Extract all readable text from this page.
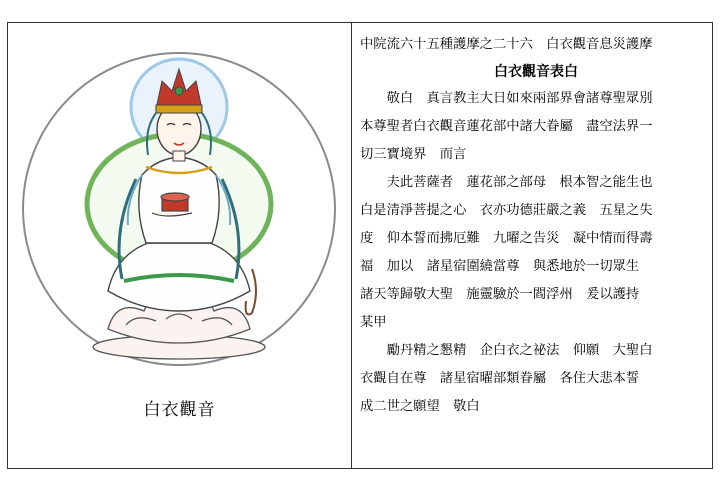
白衣觀音
中院流六十五種護摩之二十六　白衣觀音息災護摩
白衣觀音表白
　　敬白　真言教主大日如來兩部界會諸尊聖眾別
本尊聖者白衣觀音蓮花部中諸大眷屬　盡空法界一
切三寶境界　而言
　　夫此菩薩者　蓮花部之部母　根本智之能生也
白是清淨菩提之心　衣亦功德莊嚴之義　五星之失
度　仰本誓而拂厄難　九曜之告災　凝中情而得壽
福　加以　諸星宿圍繞當尊　與悉地於一切眾生
諸天等歸敬大聖　施靈驗於一閻浮州　爰以護持
某甲
　　勵丹精之懇精　企白衣之祕法　仰願　大聖白
衣觀自在尊　諸星宿曜部類眷屬　各住大悲本誓
成二世之願望　敬白
